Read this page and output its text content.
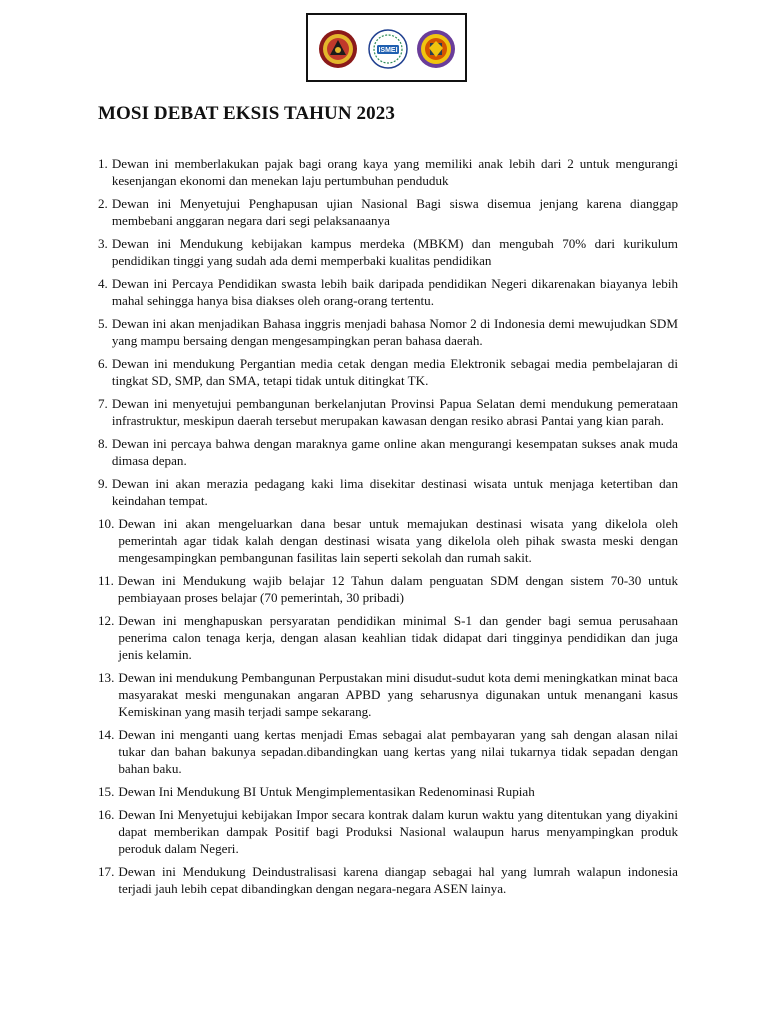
ISMEI
MOSI DEBAT EKSIS TAHUN 2023
1. Dewan ini memberlakukan pajak bagi orang kaya yang memiliki anak lebih dari 2 untuk mengurangi kesenjangan ekonomi dan menekan laju pertumbuhan penduduk
2. Dewan ini Menyetujui Penghapusan ujian Nasional Bagi siswa disemua jenjang karena dianggap membebani anggaran negara dari segi pelaksanaanya
3. Dewan ini Mendukung kebijakan kampus merdeka (MBKM) dan mengubah 70% dari kurikulum pendidikan tinggi yang sudah ada demi memperbaki kualitas pendidikan
4. Dewan ini Percaya Pendidikan swasta lebih baik daripada pendidikan Negeri dikarenakan biayanya lebih mahal sehingga hanya bisa diakses oleh orang-orang tertentu.
5. Dewan ini akan menjadikan Bahasa inggris menjadi bahasa Nomor 2 di Indonesia demi mewujudkan SDM yang mampu bersaing dengan mengesampingkan peran bahasa daerah.
6. Dewan ini mendukung Pergantian media cetak dengan media Elektronik sebagai media pembelajaran di tingkat SD, SMP, dan SMA, tetapi tidak untuk ditingkat TK.
7. Dewan ini menyetujui pembangunan berkelanjutan Provinsi Papua Selatan demi mendukung pemerataan infrastruktur, meskipun daerah tersebut merupakan kawasan dengan resiko abrasi Pantai yang kian parah.
8. Dewan ini percaya bahwa dengan maraknya game online akan mengurangi kesempatan sukses anak muda dimasa depan.
9. Dewan ini akan merazia pedagang kaki lima disekitar destinasi wisata untuk menjaga ketertiban dan keindahan tempat.
10. Dewan ini akan mengeluarkan dana besar untuk memajukan destinasi wisata yang dikelola oleh pemerintah agar tidak kalah dengan destinasi wisata yang dikelola oleh pihak swasta meski dengan mengesampingkan pembangunan fasilitas lain seperti sekolah dan rumah sakit.
11. Dewan ini Mendukung wajib belajar 12 Tahun dalam penguatan SDM dengan sistem 70-30 untuk pembiayaan proses belajar (70 pemerintah, 30 pribadi)
12. Dewan ini menghapuskan persyaratan pendidikan minimal S-1 dan gender bagi semua perusahaan penerima calon tenaga kerja, dengan alasan keahlian tidak didapat dari tingginya pendidikan dan juga jenis kelamin.
13. Dewan ini mendukung Pembangunan Perpustakan mini disudut-sudut kota demi meningkatkan minat baca masyarakat meski mengunakan angaran APBD yang seharusnya digunakan untuk menangani kasus Kemiskinan yang masih terjadi sampe sekarang.
14. Dewan ini menganti uang kertas menjadi Emas sebagai alat pembayaran yang sah dengan alasan nilai tukar dan bahan bakunya sepadan.dibandingkan uang kertas yang nilai tukarnya tidak sepadan dengan bahan baku.
15. Dewan Ini Mendukung BI Untuk Mengimplementasikan Redenominasi Rupiah
16. Dewan Ini Menyetujui kebijakan Impor secara kontrak dalam kurun waktu yang ditentukan yang diyakini dapat memberikan dampak Positif bagi Produksi Nasional walaupun harus menyampingkan produk peroduk dalam Negeri.
17. Dewan ini Mendukung Deindustralisasi karena diangap sebagai hal yang lumrah walapun indonesia terjadi jauh lebih cepat dibandingkan dengan negara-negara ASEN lainya.
